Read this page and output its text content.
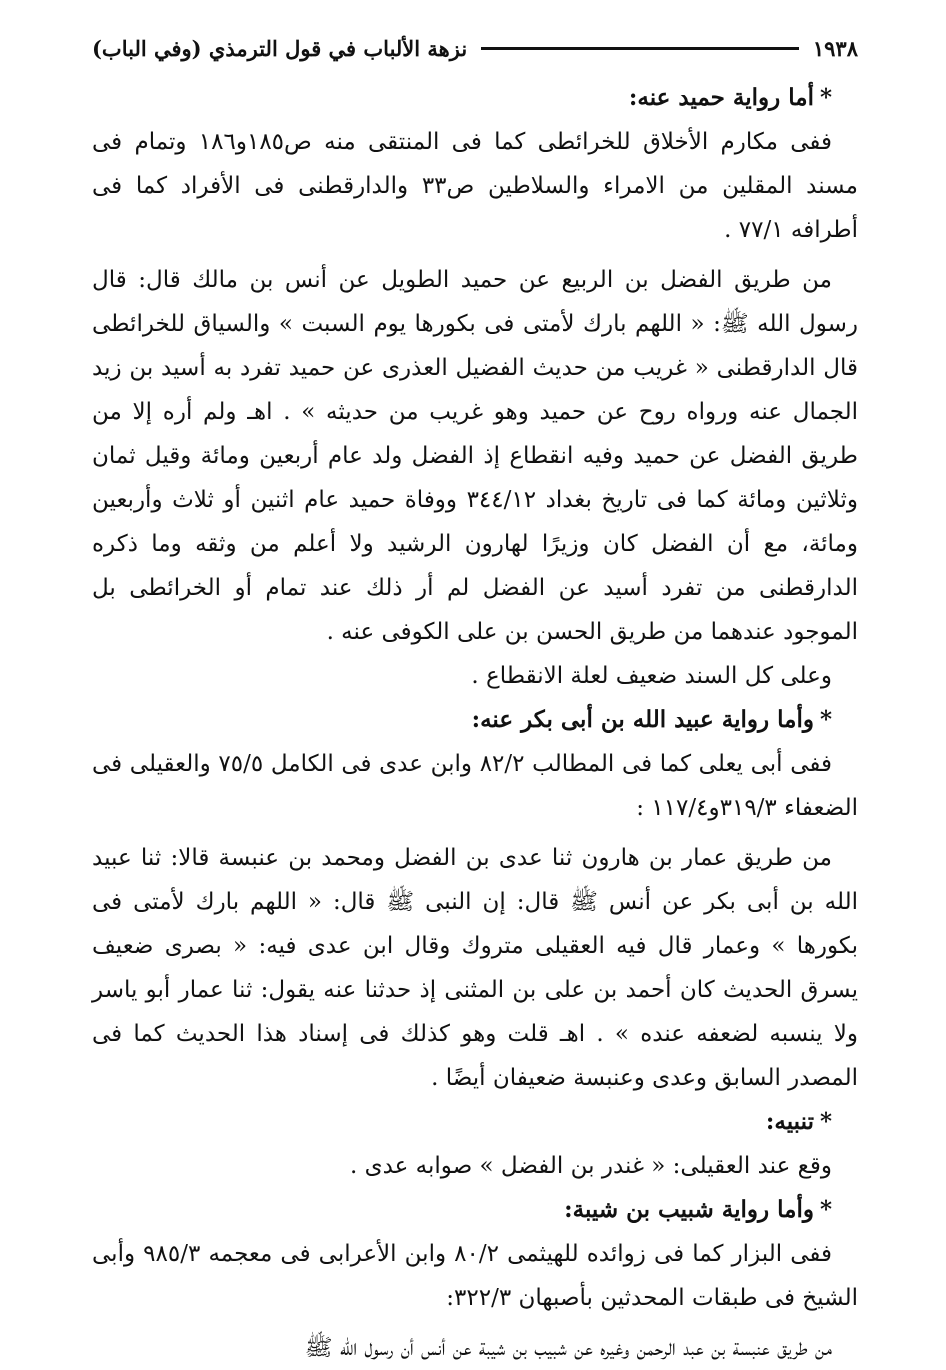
١٩٣٨
نزهة الألباب في قول الترمذي (وفي الباب)

*أما رواية حميد عنه:

ففى مكارم الأخلاق للخرائطى كما فى المنتقى منه ص١٨٥و١٨٦ وتمام فى مسند المقلين من الامراء والسلاطين ص٣٣ والدارقطنى فى الأفراد كما فى أطرافه ٧٧/١ .

من طريق الفضل بن الربيع عن حميد الطويل عن أنس بن مالك قال: قال رسول الله ﷺ: « اللهم بارك لأمتى فى بكورها يوم السبت » والسياق للخرائطى قال الدارقطنى « غريب من حديث الفضيل العذرى عن حميد تفرد به أسيد بن زيد الجمال عنه ورواه روح عن حميد وهو غريب من حديثه » . اهـ ولم أره إلا من طريق الفضل عن حميد وفيه انقطاع إذ الفضل ولد عام أربعين ومائة وقيل ثمان وثلاثين ومائة كما فى تاريخ بغداد ٣٤٤/١٢ ووفاة حميد عام اثنين أو ثلاث وأربعين ومائة، مع أن الفضل كان وزيرًا لهارون الرشيد ولا أعلم من وثقه وما ذكره الدارقطنى من تفرد أسيد عن الفضل لم أر ذلك عند تمام أو الخرائطى بل الموجود عندهما من طريق الحسن بن على الكوفى عنه .

وعلى كل السند ضعيف لعلة الانقطاع .

*وأما رواية عبيد الله بن أبى بكر عنه:

ففى أبى يعلى كما فى المطالب ٨٢/٢ وابن عدى فى الكامل ٧٥/٥ والعقيلى فى الضعفاء ٣١٩/٣و١١٧/٤ :

من طريق عمار بن هارون ثنا عدى بن الفضل ومحمد بن عنبسة قالا: ثنا عبيد الله بن أبى بكر عن أنس ﷺ قال: إن النبى ﷺ قال: « اللهم بارك لأمتى فى بكورها » وعمار قال فيه العقيلى متروك وقال ابن عدى فيه: « بصرى ضعيف يسرق الحديث كان أحمد بن على بن المثنى إذ حدثنا عنه يقول: ثنا عمار أبو ياسر ولا ينسبه لضعفه عنده » . اهـ قلت وهو كذلك فى إسناد هذا الحديث كما فى المصدر السابق وعدى وعنبسة ضعيفان أيضًا .

*تنبيه:

وقع عند العقيلى: « غندر بن الفضل » صوابه عدى .

*وأما رواية شبيب بن شيبة:

ففى البزار كما فى زوائده للهيثمى ٨٠/٢ وابن الأعرابى فى معجمه ٩٨٥/٣ وأبى الشيخ فى طبقات المحدثين بأصبهان ٣٢٢/٣:

من طريق عنبسة بن عبد الرحمن وغيره عن شبيب بن شيبة عن أنس أن رسول الله ﷺ
